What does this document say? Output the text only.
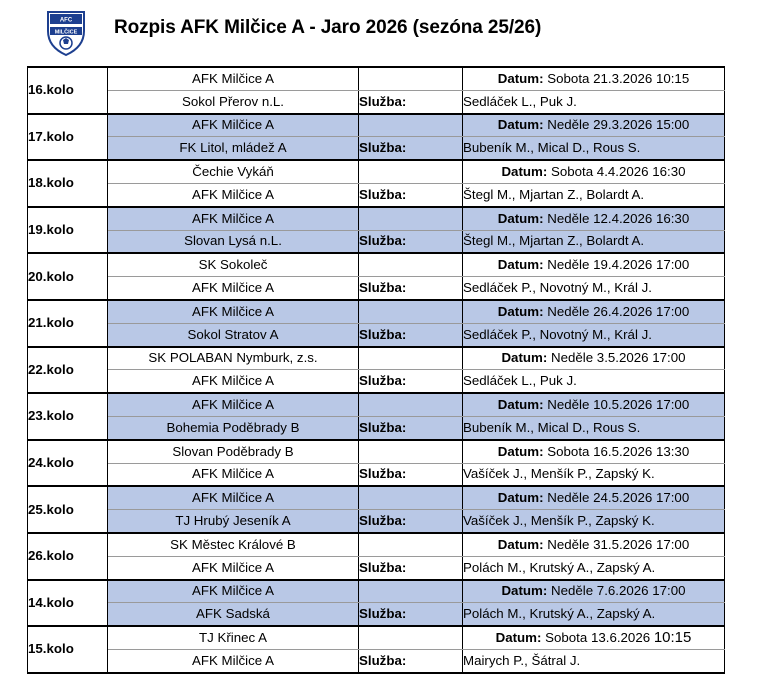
AFC
MILČICE Rozpis AFK Milčice A - Jaro 2026 (sezóna 25/26)
16.kolo	AFK Milčice A		Datum: Sobota 21.3.2026 10:15
	Sokol Přerov n.L.	Služba:	Sedláček L., Puk J.
17.kolo	AFK Milčice A		Datum: Neděle 29.3.2026 15:00
	FK Litol, mládež A	Služba:	Bubeník M., Mical D., Rous S.
18.kolo	Čechie Vykáň		Datum: Sobota 4.4.2026 16:30
	AFK Milčice A	Služba:	Štegl M., Mjartan Z., Bolardt A.
19.kolo	AFK Milčice A		Datum: Neděle 12.4.2026 16:30
	Slovan Lysá n.L.	Služba:	Štegl M., Mjartan Z., Bolardt A.
20.kolo	SK Sokoleč		Datum: Neděle 19.4.2026 17:00
	AFK Milčice A	Služba:	Sedláček P., Novotný M., Král J.
21.kolo	AFK Milčice A		Datum: Neděle 26.4.2026 17:00
	Sokol Stratov A	Služba:	Sedláček P., Novotný M., Král J.
22.kolo	SK POLABAN Nymburk, z.s.		Datum: Neděle 3.5.2026 17:00
	AFK Milčice A	Služba:	Sedláček L., Puk J.
23.kolo	AFK Milčice A		Datum: Neděle 10.5.2026 17:00
	Bohemia Poděbrady B	Služba:	Bubeník M., Mical D., Rous S.
24.kolo	Slovan Poděbrady B		Datum: Sobota 16.5.2026 13:30
	AFK Milčice A	Služba:	Vašíček J., Menšík P., Zapský K.
25.kolo	AFK Milčice A		Datum: Neděle 24.5.2026 17:00
	TJ Hrubý Jeseník A	Služba:	Vašíček J., Menšík P., Zapský K.
26.kolo	SK Městec Králové B		Datum: Neděle 31.5.2026 17:00
	AFK Milčice A	Služba:	Polách M., Krutský A., Zapský A.
14.kolo	AFK Milčice A		Datum: Neděle 7.6.2026 17:00
	AFK Sadská	Služba:	Polách M., Krutský A., Zapský A.
15.kolo	TJ Křinec A		Datum: Sobota 13.6.2026 10:15
	AFK Milčice A	Služba:	Mairych P., Šátral J.
